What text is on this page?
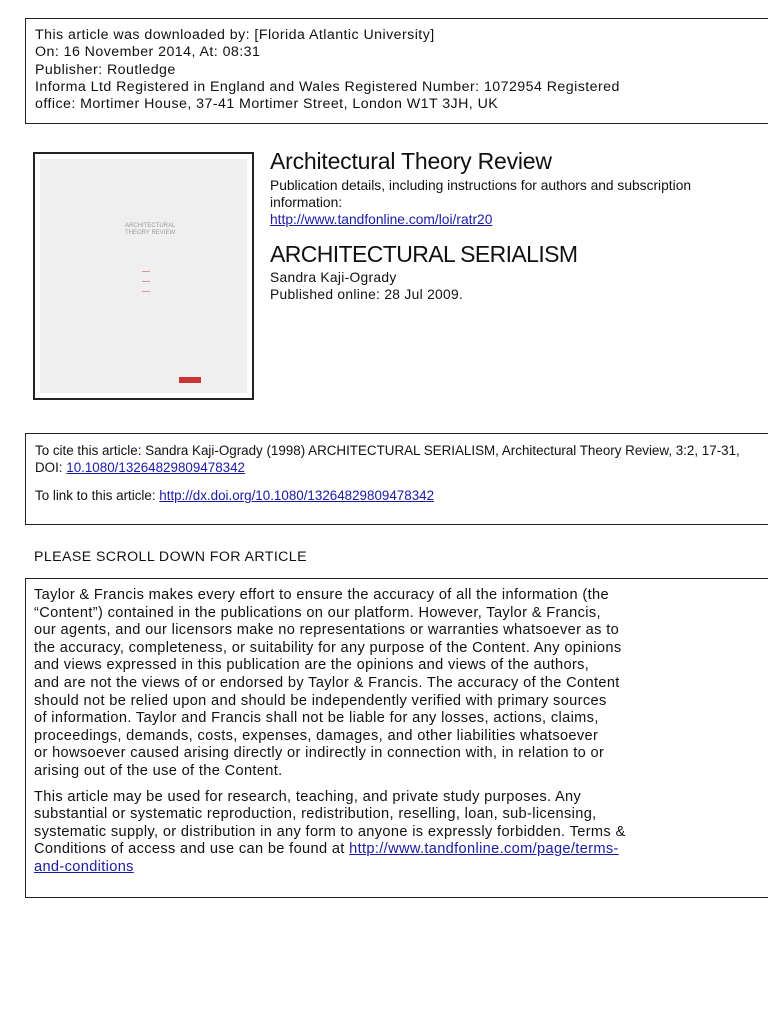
This article was downloaded by: [Florida Atlantic University]
On: 16 November 2014, At: 08:31
Publisher: Routledge
Informa Ltd Registered in England and Wales Registered Number: 1072954 Registered
office: Mortimer House, 37-41 Mortimer Street, London W1T 3JH, UK
ARCHITECTURAL THEORY REVIEW
Architectural Theory Review
Publication details, including instructions for authors and subscription information:
http://www.tandfonline.com/loi/ratr20
ARCHITECTURAL SERIALISM
Sandra Kaji-Ogrady
Published online: 28 Jul 2009.
To cite this article: Sandra Kaji-Ogrady (1998) ARCHITECTURAL SERIALISM, Architectural Theory Review, 3:2, 17-31, DOI: 10.1080/13264829809478342
To link to this article: http://dx.doi.org/10.1080/13264829809478342
PLEASE SCROLL DOWN FOR ARTICLE

Taylor & Francis makes every effort to ensure the accuracy of all the information (the
“Content”) contained in the publications on our platform. However, Taylor & Francis,
our agents, and our licensors make no representations or warranties whatsoever as to
the accuracy, completeness, or suitability for any purpose of the Content. Any opinions
and views expressed in this publication are the opinions and views of the authors,
and are not the views of or endorsed by Taylor & Francis. The accuracy of the Content
should not be relied upon and should be independently verified with primary sources
of information. Taylor and Francis shall not be liable for any losses, actions, claims,
proceedings, demands, costs, expenses, damages, and other liabilities whatsoever
or howsoever caused arising directly or indirectly in connection with, in relation to or
arising out of the use of the Content.

This article may be used for research, teaching, and private study purposes. Any
substantial or systematic reproduction, redistribution, reselling, loan, sub-licensing,
systematic supply, or distribution in any form to anyone is expressly forbidden. Terms &
Conditions of access and use can be found at http://www.tandfonline.com/page/terms-
and-conditions
